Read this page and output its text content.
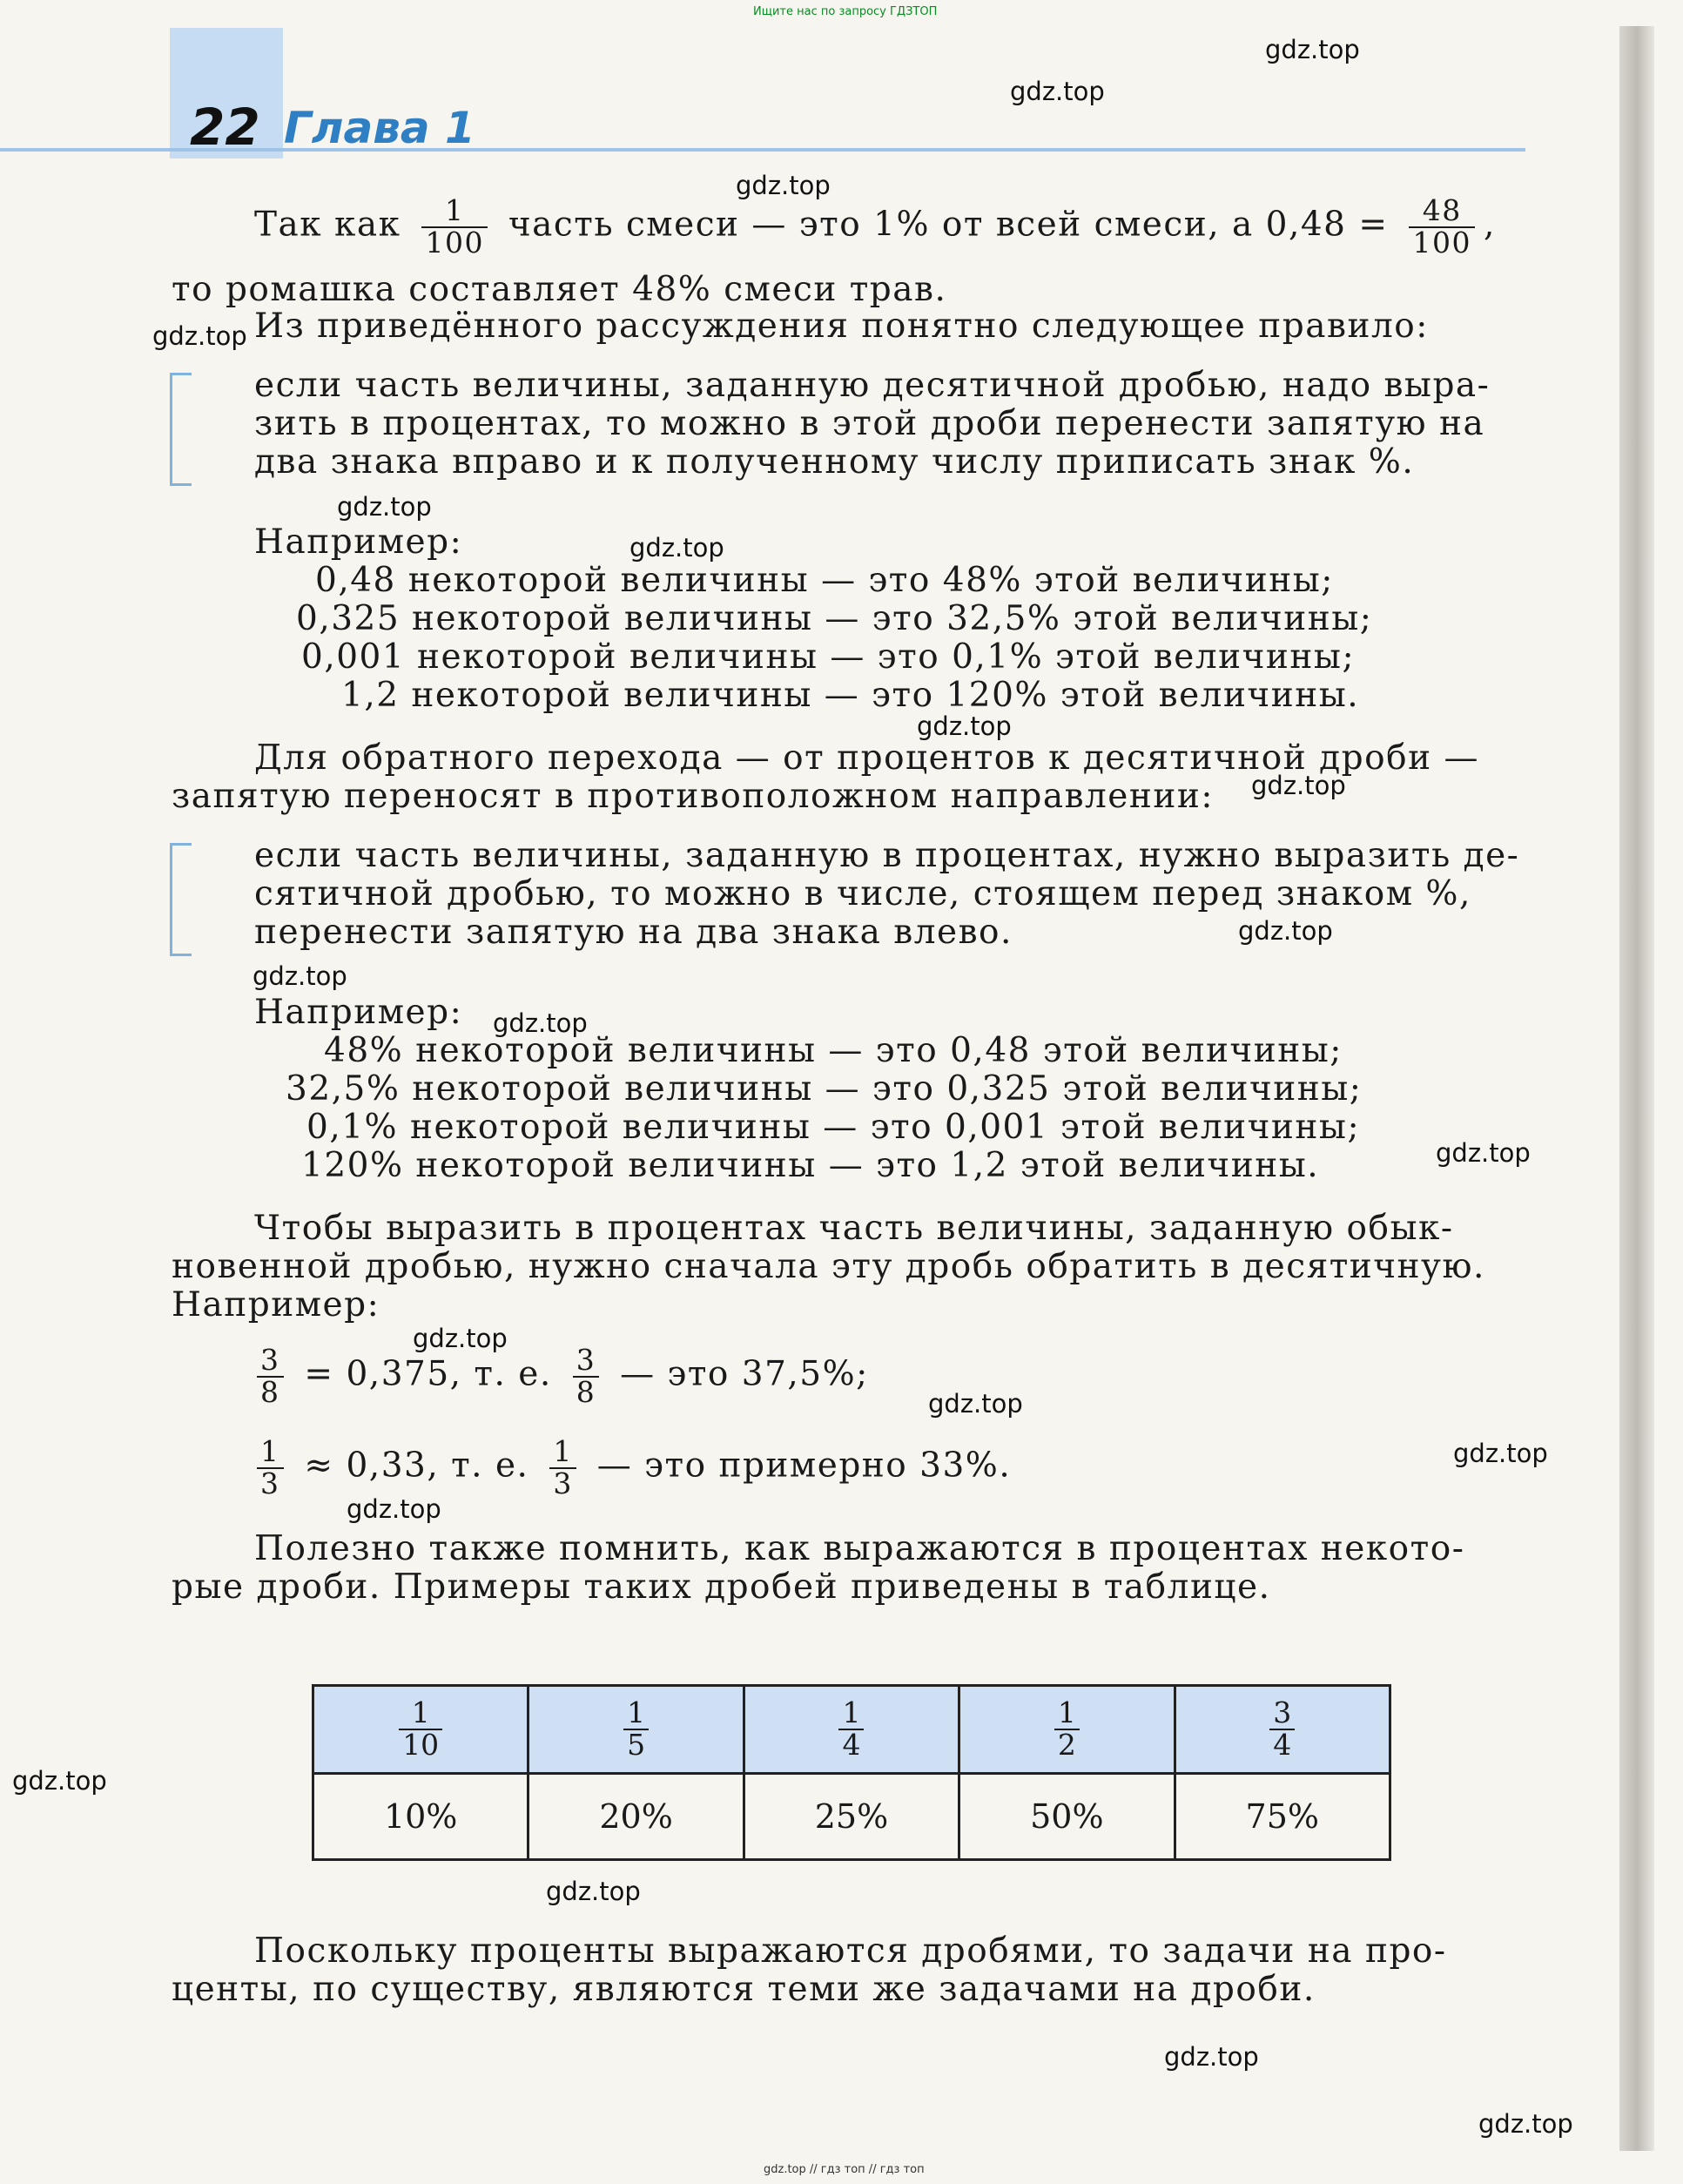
Ищите нас по запросу ГДЗТОП
22 Глава 1
Так как $\frac{1}{100}$ часть смеси — это 1% от всей смеси, а $0,48 = \frac{48}{100}$ ,
то ромашка составляет 48% смеси трав.
Из приведённого рассуждения понятно следующее правило:
если часть величины, заданную десятичной дробью, надо выра-
зить в процентах, то можно в этой дроби перенести запятую на
два знака вправо и к полученному числу приписать знак %.
Например:
0,48 некоторой величины — это 48% этой величины;
0,325 некоторой величины — это 32,5% этой величины;
0,001 некоторой величины — это 0,1% этой величины;
1,2 некоторой величины — это 120% этой величины.
Для обратного перехода — от процентов к десятичной дроби —
запятую переносят в противоположном направлении:
если часть величины, заданную в процентах, нужно выразить де-
сятичной дробью, то можно в числе, стоящем перед знаком %,
перенести запятую на два знака влево.
Например:
48% некоторой величины — это 0,48 этой величины;
32,5% некоторой величины — это 0,325 этой величины;
0,1% некоторой величины — это 0,001 этой величины;
120% некоторой величины — это 1,2 этой величины.
Чтобы выразить в процентах часть величины, заданную обык-
новенной дробью, нужно сначала эту дробь обратить в десятичную.
Например:
$\frac{3}{8} = 0,375$, т. е. $\frac{3}{8}$ — это 37,5%;
$\frac{1}{3} \approx 0,33$, т. е. $\frac{1}{3}$ — это примерно 33%.
Полезно также помнить, как выражаются в процентах некото-
рые дроби. Примеры таких дробей приведены в таблице.
$\frac{1}{10}$	$\frac{1}{5}$	$\frac{1}{4}$	$\frac{1}{2}$	$\frac{3}{4}$

10%	20%	25%	50%	75%
Поскольку проценты выражаются дробями, то задачи на про-
центы, по существу, являются теми же задачами на дроби.
gdz.top
gdz.top
gdz.top
gdz.top
gdz.top
gdz.top
gdz.top
gdz.top
gdz.top
gdz.top
gdz.top
gdz.top
gdz.top
gdz.top
gdz.top
gdz.top
gdz.top
gdz.top
gdz.top
gdz.top
gdz.top // гдз топ // гдз топ
